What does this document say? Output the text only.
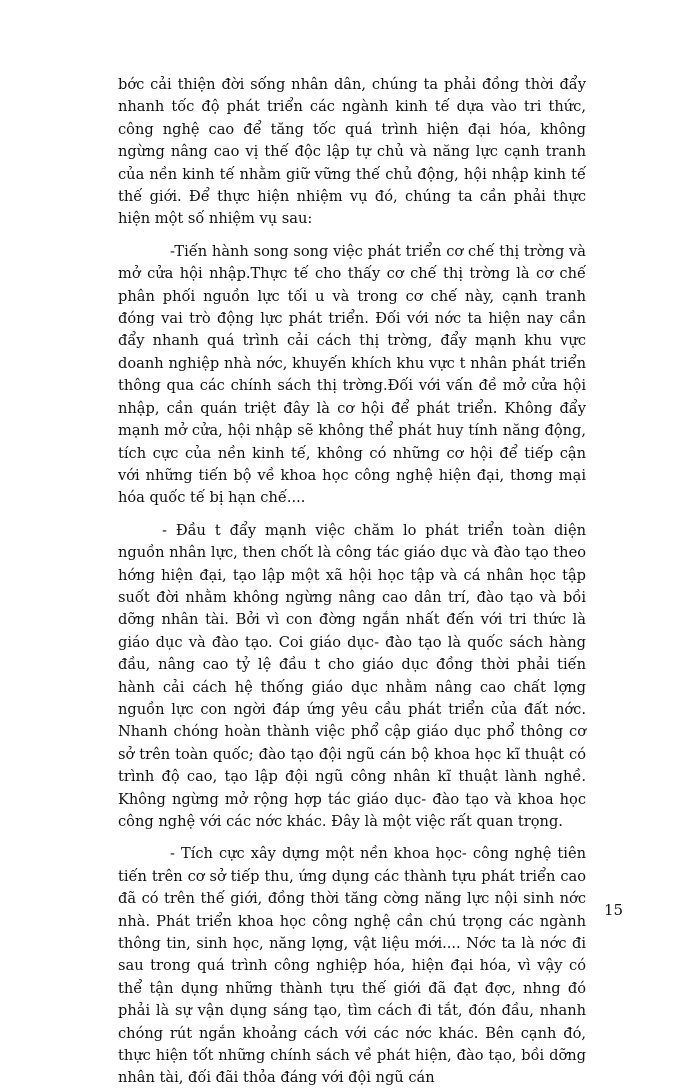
bớc cải thiện đời sống nhân dân, chúng ta phải đồng thời đẩy nhanh tốc độ phát triển các ngành kinh tế dựa vào tri thức, công nghệ cao để tăng tốc quá trình hiện đại hóa, không ngừng nâng cao vị thế độc lập tự chủ và năng lực cạnh tranh của nền kinh tế nhằm giữ vững thế chủ động, hội nhập kinh tế thế giới. Để thực hiện nhiệm vụ đó, chúng ta cần phải thực hiện một số nhiệm vụ sau:

-Tiến hành song song việc phát triển cơ chế thị trờng và mở cửa hội nhập.Thực tế cho thấy cơ chế thị trờng là cơ chế phân phối nguồn lực tối u và trong cơ chế này, cạnh tranh đóng vai trò động lực phát triển. Đối với nớc ta hiện nay cần đẩy nhanh quá trình cải cách thị trờng, đẩy mạnh khu vực doanh nghiệp nhà nớc, khuyến khích khu vực t nhân phát triển thông qua các chính sách thị trờng.Đối với vấn đề mở cửa hội nhập, cần quán triệt đây là cơ hội để phát triển. Không đẩy mạnh mở cửa, hội nhập sẽ không thể phát huy tính năng động, tích cực của nền kinh tế, không có những cơ hội để tiếp cận với những tiến bộ về khoa học công nghệ hiện đại, thơng mại hóa quốc tế bị hạn chế....

- Đầu t đẩy mạnh việc chăm lo phát triển toàn diện nguồn nhân lực, then chốt là công tác giáo dục và đào tạo theo hớng hiện đại, tạo lập một xã hội học tập và cá nhân học tập suốt đời nhằm không ngừng nâng cao dân trí, đào tạo và bồi dỡng nhân tài. Bởi vì con đờng ngắn nhất đến với tri thức là giáo dục và đào tạo. Coi giáo dục- đào tạo là quốc sách hàng đầu, nâng cao tỷ lệ đầu t cho giáo dục đồng thời phải tiến hành cải cách hệ thống giáo dục nhằm nâng cao chất lợng nguồn lực con ngời đáp ứng yêu cầu phát triển của đất nớc. Nhanh chóng hoàn thành việc phổ cập giáo dục phổ thông cơ sở trên toàn quốc; đào tạo đội ngũ cán bộ khoa học kĩ thuật có trình độ cao, tạo lập đội ngũ công nhân kĩ thuật lành nghề. Không ngừng mở rộng hợp tác giáo dục- đào tạo và khoa học công nghệ với các nớc khác. Đây là một việc rất quan trọng.

- Tích cực xây dựng một nền khoa học- công nghệ tiên tiến trên cơ sở tiếp thu, ứng dụng các thành tựu phát triển cao đã có trên thế giới, đồng thời tăng cờng năng lực nội sinh nớc nhà. Phát triển khoa học công nghệ cần chú trọng các ngành thông tin, sinh học, năng lợng, vật liệu mới.... Nớc ta là nớc đi sau trong quá trình công nghiệp hóa, hiện đại hóa, vì vậy có thể tận dụng những thành tựu thế giới đã đạt đợc, nhng đó phải là sự vận dụng sáng tạo, tìm cách đi tắt, đón đầu, nhanh chóng rút ngắn khoảng cách với các nớc khác. Bên cạnh đó, thực hiện tốt những chính sách về phát hiện, đào tạo, bồi dỡng nhân tài, đối đãi thỏa đáng với đội ngũ cán

15
